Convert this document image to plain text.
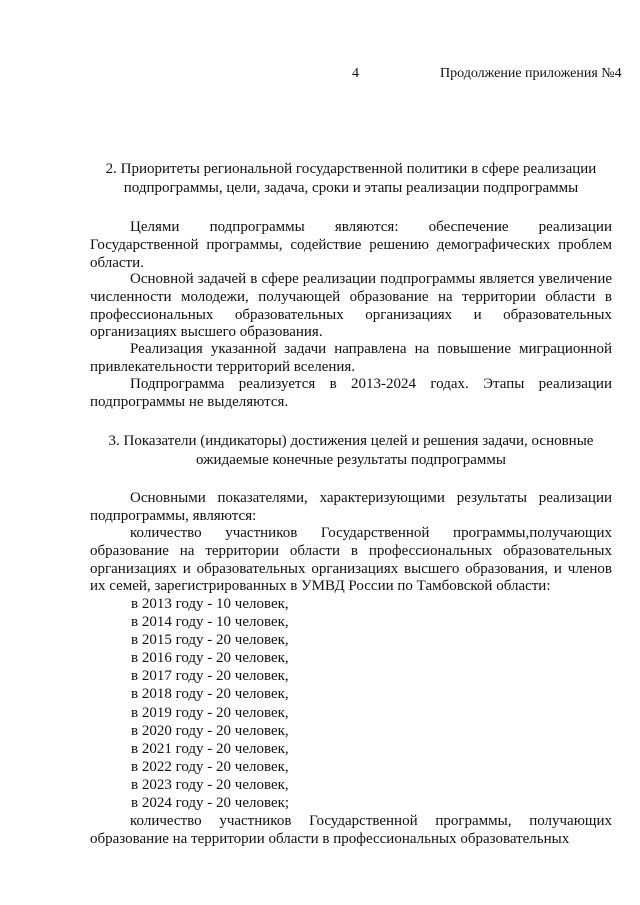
4	Продолжение приложения №4
2. Приоритеты региональной государственной политики в сфере реализации
подпрограммы, цели, задача, сроки и этапы реализации подпрограммы

Целями подпрограммы являются: обеспечение реализации Государственной программы, содействие решению демографических проблем области.

Основной задачей в сфере реализации подпрограммы является увеличение численности молодежи, получающей образование на территории области в профессиональных образовательных организациях и образовательных организациях высшего образования.

Реализация указанной задачи направлена на повышение миграционной привлекательности территорий вселения.

Подпрограмма реализуется в 2013-2024 годах. Этапы реализации подпрограммы не выделяются.

3. Показатели (индикаторы) достижения целей и решения задачи, основные
ожидаемые конечные результаты подпрограммы

Основными показателями, характеризующими результаты реализации подпрограммы, являются:

количество участников Государственной программы,получающих образование на территории области в профессиональных образовательных организациях и образовательных организациях высшего образования, и членов их семей, зарегистрированных в УМВД России по Тамбовской области:

в 2013 году - 10 человек,
в 2014 году - 10 человек,
в 2015 году - 20 человек,
в 2016 году - 20 человек,
в 2017 году - 20 человек,
в 2018 году - 20 человек,
в 2019 году - 20 человек,
в 2020 году - 20 человек,
в 2021 году - 20 человек,
в 2022 году - 20 человек,
в 2023 году - 20 человек,
в 2024 году - 20 человек;

количество участников Государственной программы, получающих образование на территории области в профессиональных образовательных
